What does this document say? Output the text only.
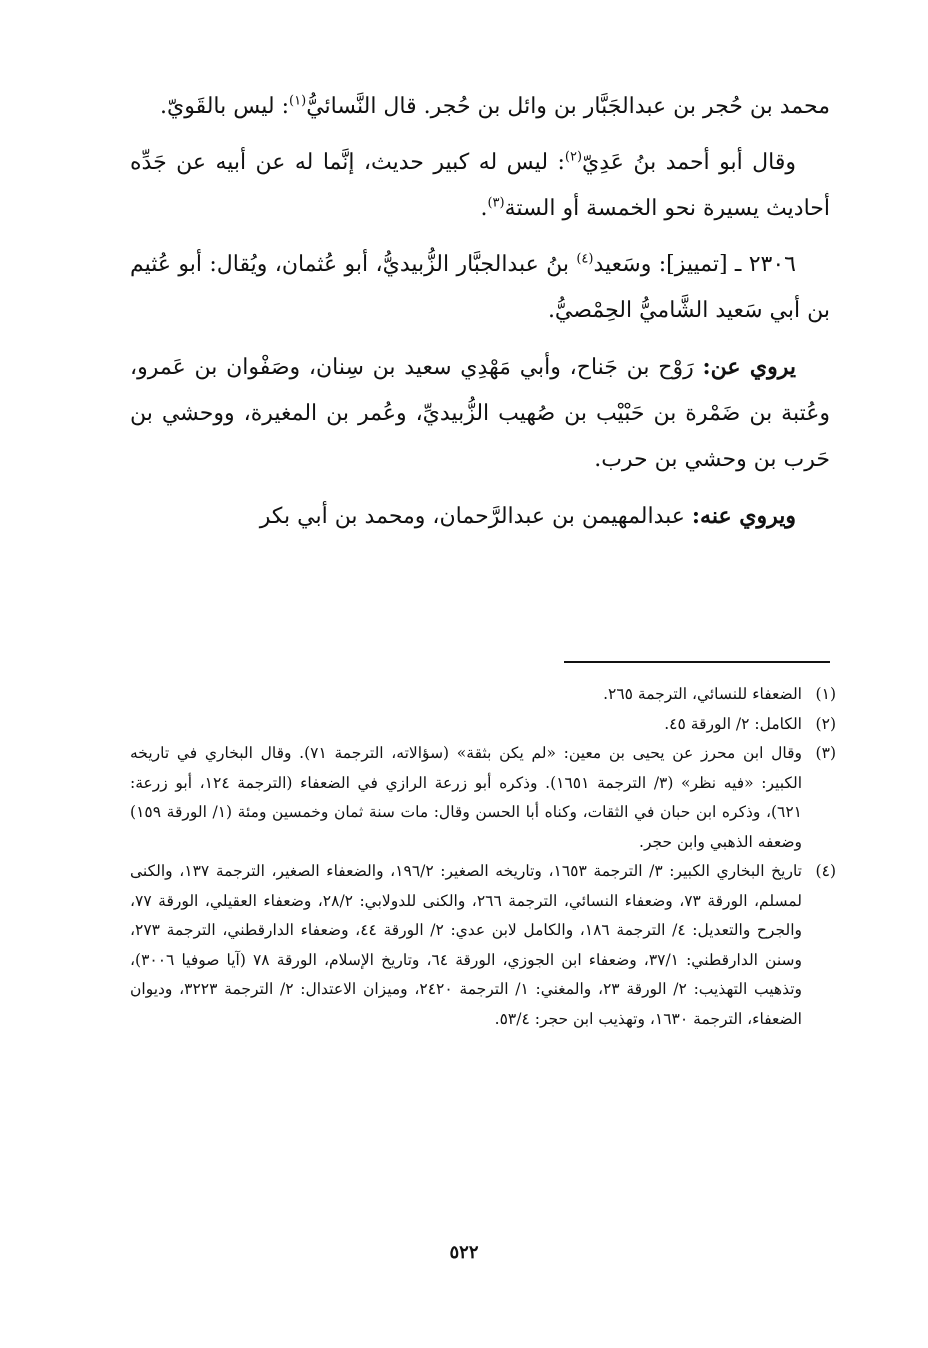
محمد بن حُجر بن عبدالجَبَّار بن وائل بن حُجر. قال النَّسائيُّ$^{(١)}$: ليس بالقَويّ.

وقال أبو أحمد بنُ عَدِيّ$^{(٢)}$: ليس له كبير حديث، إنَّما له عن أبيه عن جَدِّه أحاديث يسيرة نحو الخمسة أو الستة$^{(٣)}$.

٢٣٠٦ ـ [تمييز]: وسَعيد$^{(٤)}$ بنُ عبدالجبَّار الزُّبيديُّ، أبو عُثمان، ويُقال: أبو عُثيم بن أبي سَعيد الشَّاميُّ الحِمْصيُّ.

يروي عن: رَوْح بن جَناح، وأبي مَهْدِي سعيد بن سِنان، وصَفْوان بن عَمرو، وعُتبة بن ضَمْرة بن حَبْيْب بن صُهيب الزُّبيديِّ، وعُمر بن المغيرة، ووحشي بن حَرب بن وحشي بن حرب.

ويروي عنه: عبدالمهيمن بن عبدالرَّحمان، ومحمد بن أبي بكر

(١)
الضعفاء للنسائي، الترجمة ٢٦٥.
(٢)
الكامل: ٢/ الورقة ٤٥.
(٣)
وقال ابن محرز عن يحيى بن معين: «لم يكن بثقة» (سؤالاته، الترجمة ٧١). وقال البخاري في تاريخه الكبير: «فيه نظر» (٣/ الترجمة ١٦٥١). وذكره أبو زرعة الرازي في الضعفاء (الترجمة ١٢٤، أبو زرعة: ٦٢١)، وذكره ابن حبان في الثقات، وكناه أبا الحسن وقال: مات سنة ثمان وخمسين ومئة (١/ الورقة ١٥٩) وضعفه الذهبي وابن حجر.
(٤)
تاريخ البخاري الكبير: ٣/ الترجمة ١٦٥٣، وتاريخه الصغير: ١٩٦/٢، والضعفاء الصغير، الترجمة ١٣٧، والكنى لمسلم، الورقة ٧٣، وضعفاء النسائي، الترجمة ٢٦٦، والكنى للدولابي: ٢٨/٢، وضعفاء العقيلي، الورقة ٧٧، والجرح والتعديل: ٤/ الترجمة ١٨٦، والكامل لابن عدي: ٢/ الورقة ٤٤، وضعفاء الدارقطني، الترجمة ٢٧٣، وسنن الدارقطني: ٣٧/١، وضعفاء ابن الجوزي، الورقة ٦٤، وتاريخ الإسلام، الورقة ٧٨ (آيا صوفيا ٣٠٠٦)، وتذهيب التهذيب: ٢/ الورقة ٢٣، والمغني: ١/ الترجمة ٢٤٢٠، وميزان الاعتدال: ٢/ الترجمة ٣٢٢٣، وديوان الضعفاء، الترجمة ١٦٣٠، وتهذيب ابن حجر: ٥٣/٤.
٥٢٢
